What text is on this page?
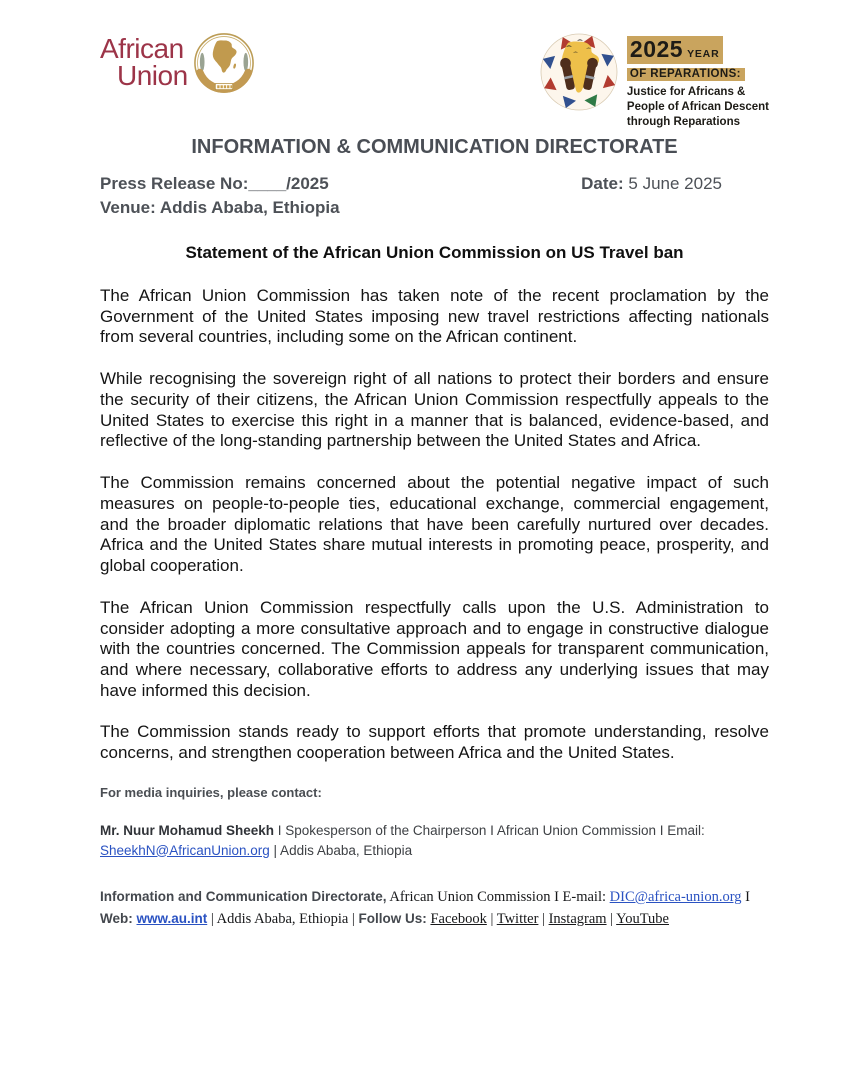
African
Union
2025 YEAR
OF REPARATIONS:
Justice for Africans &
People of African Descent
through Reparations
INFORMATION & COMMUNICATION DIRECTORATE
Press Release No:____/2025	Date: 5 June 2025
Venue: Addis Ababa, Ethiopia
Statement of the African Union Commission on US Travel ban

The African Union Commission has taken note of the recent proclamation by the Government of the United States imposing new travel restrictions affecting nationals from several countries, including some on the African continent.

While recognising the sovereign right of all nations to protect their borders and ensure the security of their citizens, the African Union Commission respectfully appeals to the United States to exercise this right in a manner that is balanced, evidence-based, and reflective of the long-standing partnership between the United States and Africa.

The Commission remains concerned about the potential negative impact of such measures on people-to-people ties, educational exchange, commercial engagement, and the broader diplomatic relations that have been carefully nurtured over decades. Africa and the United States share mutual interests in promoting peace, prosperity, and global cooperation.

The African Union Commission respectfully calls upon the U.S. Administration to consider adopting a more consultative approach and to engage in constructive dialogue with the countries concerned. The Commission appeals for transparent communication, and where necessary, collaborative efforts to address any underlying issues that may have informed this decision.

The Commission stands ready to support efforts that promote understanding, resolve concerns, and strengthen cooperation between Africa and the United States.

For media inquiries, please contact:
Mr. Nuur Mohamud Sheekh I Spokesperson of the Chairperson I African Union Commission I Email:
SheekhN@AfricanUnion.org | Addis Ababa, Ethiopia
Information and Communication Directorate, African Union Commission I E-mail: DIC@africa-union.org I
Web: www.au.int | Addis Ababa, Ethiopia | Follow Us: Facebook | Twitter | Instagram | YouTube
